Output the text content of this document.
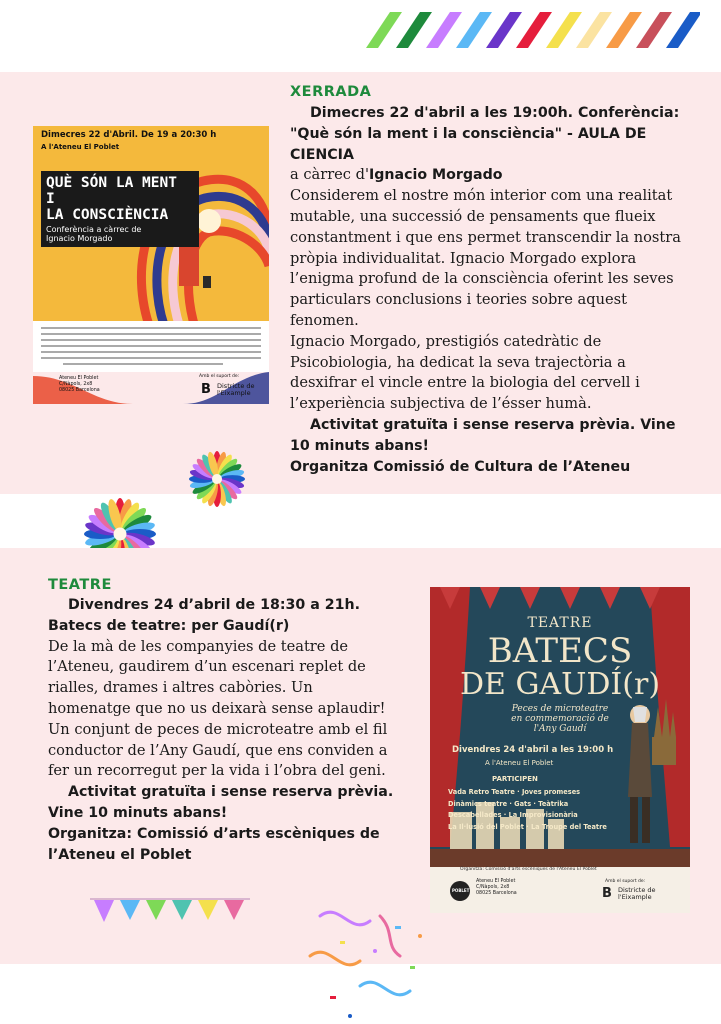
Dimecres 22 d'Abril. De 19 a 20:30 h
A l'Ateneu El Poblet
QUÈ SÓN LA MENT I
LA CONSCIÈNCIA
Conferència a càrrec de
Ignacio Morgado
Ateneu El Poblet
C/Nàpols, 2x8
08025 Barcelona
Amb el suport de:
B Districte de
l'Eixample
XERRADA
Dimecres 22 d'abril a les 19:00h. Conferència:
"Què són la ment i la consciència" - AULA DE
CIENCIA
a càrrec d'Ignacio Morgado
Considerem el nostre món interior com una realitat
mutable, una successió de pensaments que flueix
constantment i que ens permet transcendir la nostra
pròpia individualitat. Ignacio Morgado explora
l’enigma profund de la consciència oferint les seves
particulars conclusions i teories sobre aquest
fenomen.
Ignacio Morgado, prestigiós catedràtic de
Psicobiologia, ha dedicat la seva trajectòria a
desxifrar el vincle entre la biologia del cervell i
l’experiència subjectiva de l’ésser humà.
Activitat gratuïta i sense reserva prèvia. Vine
10 minuts abans!
Organitza Comissió de Cultura de l’Ateneu
TEATRE
Divendres 24 d’abril de 18:30 a 21h.
Batecs de teatre: per Gaudí(r)
De la mà de les companyies de teatre de
l’Ateneu, gaudirem d’un escenari replet de
rialles, drames i altres cabòries. Un
homenatge que no us deixarà sense aplaudir!
Un conjunt de peces de microteatre amb el fil
conductor de l’Any Gaudí, que ens conviden a
fer un recorregut per la vida i l’obra del geni.
Activitat gratuïta i sense reserva prèvia.
Vine 10 minuts abans!
Organitza: Comissió d’arts escèniques de
l’Ateneu el Poblet
TEATRE
BATECS
DE GAUDÍ(r)
Peces de microteatre
en commemoració de
l'Any Gaudí
Divendres 24 d'abril a les 19:00 h
A l'Ateneu El Poblet
PARTICIPEN
Vada Retro Teatre · Joves promeses
Dinàmics teatre · Gats · Teàtrika
Descabellades · La Improvisionària
La Il·lusió del Poblet · La Troupe del Teatre
Organitza: Comissió d'arts escèniques de l'Ateneu El Poblet
POBLET
Ateneu El Poblet
C/Nàpols, 2x8
08025 Barcelona
Amb el suport de:
B Districte de
l'Eixample
